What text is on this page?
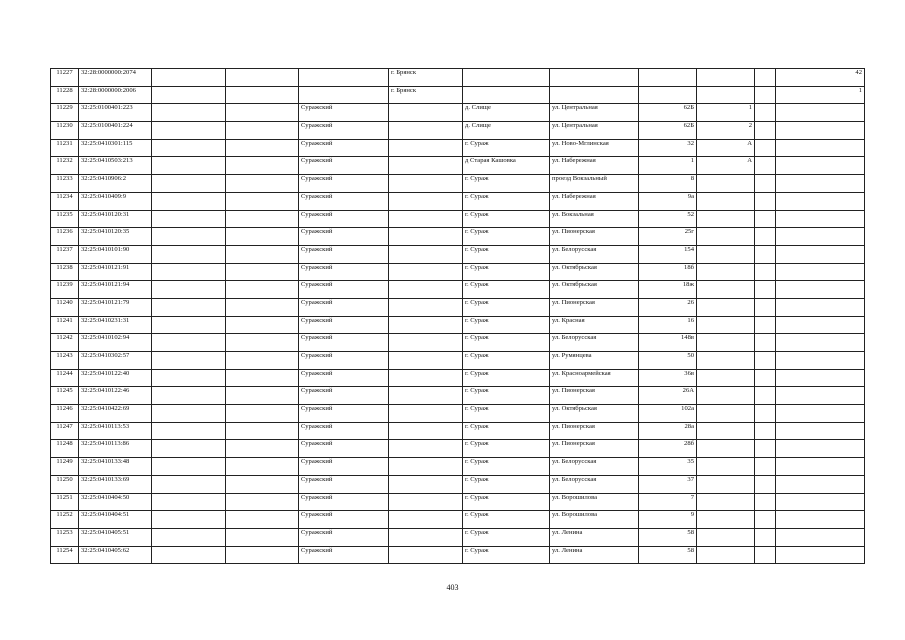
11227	32:28:0000000:2074				г. Брянск						42
11228	32:28:0000000:2006				г. Брянск						1
11229	32:25:0100401:223			Суражский		д. Слище	ул. Центральная	62Б	1		
11230	32:25:0100401:224			Суражский		д. Слище	ул. Центральная	62Б	2		
11231	32:25:0410301:115			Суражский		г. Сураж	ул. Ново-Мглинская	32	А		
11232	32:25:0410503:213			Суражский		д Старая Кашовка	ул. Набережная	1	А		
11233	32:25:0410906:2			Суражский		г. Сураж	проезд Вокзальный	8			
11234	32:25:0410409:9			Суражский		г. Сураж	ул. Набережная	9а			
11235	32:25:0410120:31			Суражский		г. Сураж	ул. Вокзальная	52			
11236	32:25:0410120:35			Суражский		г. Сураж	ул. Пионерская	25г			
11237	32:25:0410101:90			Суражский		г. Сураж	ул. Белорусская	154			
11238	32:25:0410121:91			Суражский		г. Сураж	ул. Октябрьская	18б			
11239	32:25:0410121:94			Суражский		г. Сураж	ул. Октябрьская	18ж			
11240	32:25:0410121:79			Суражский		г. Сураж	ул. Пионерская	26			
11241	32:25:0410231:31			Суражский		г. Сураж	ул. Красная	16			
11242	32:25:0410102:94			Суражский		г. Сураж	ул. Белорусская	148в			
11243	32:25:0410302:57			Суражский		г. Сураж	ул. Румянцева	50			
11244	32:25:0410122:40			Суражский		г. Сураж	ул. Красноармейская	36в			
11245	32:25:0410122:46			Суражский		г. Сураж	ул. Пионерская	26А			
11246	32:25:0410422:69			Суражский		г. Сураж	ул. Октябрьская	102а			
11247	32:25:0410113:53			Суражский		г. Сураж	ул. Пионерская	28а			
11248	32:25:0410113:86			Суражский		г. Сураж	ул. Пионерская	28б			
11249	32:25:0410133:48			Суражский		г. Сураж	ул. Белорусская	35			
11250	32:25:0410133:69			Суражский		г. Сураж	ул. Белорусская	37			
11251	32:25:0410404:50			Суражский		г. Сураж	ул. Ворошилова	7			
11252	32:25:0410404:51			Суражский		г. Сураж	ул. Ворошилова	9			
11253	32:25:0410405:51			Суражский		г. Сураж	ул. Ленина	58			
11254	32:25:0410405:62			Суражский		г. Сураж	ул. Ленина	58			
403
